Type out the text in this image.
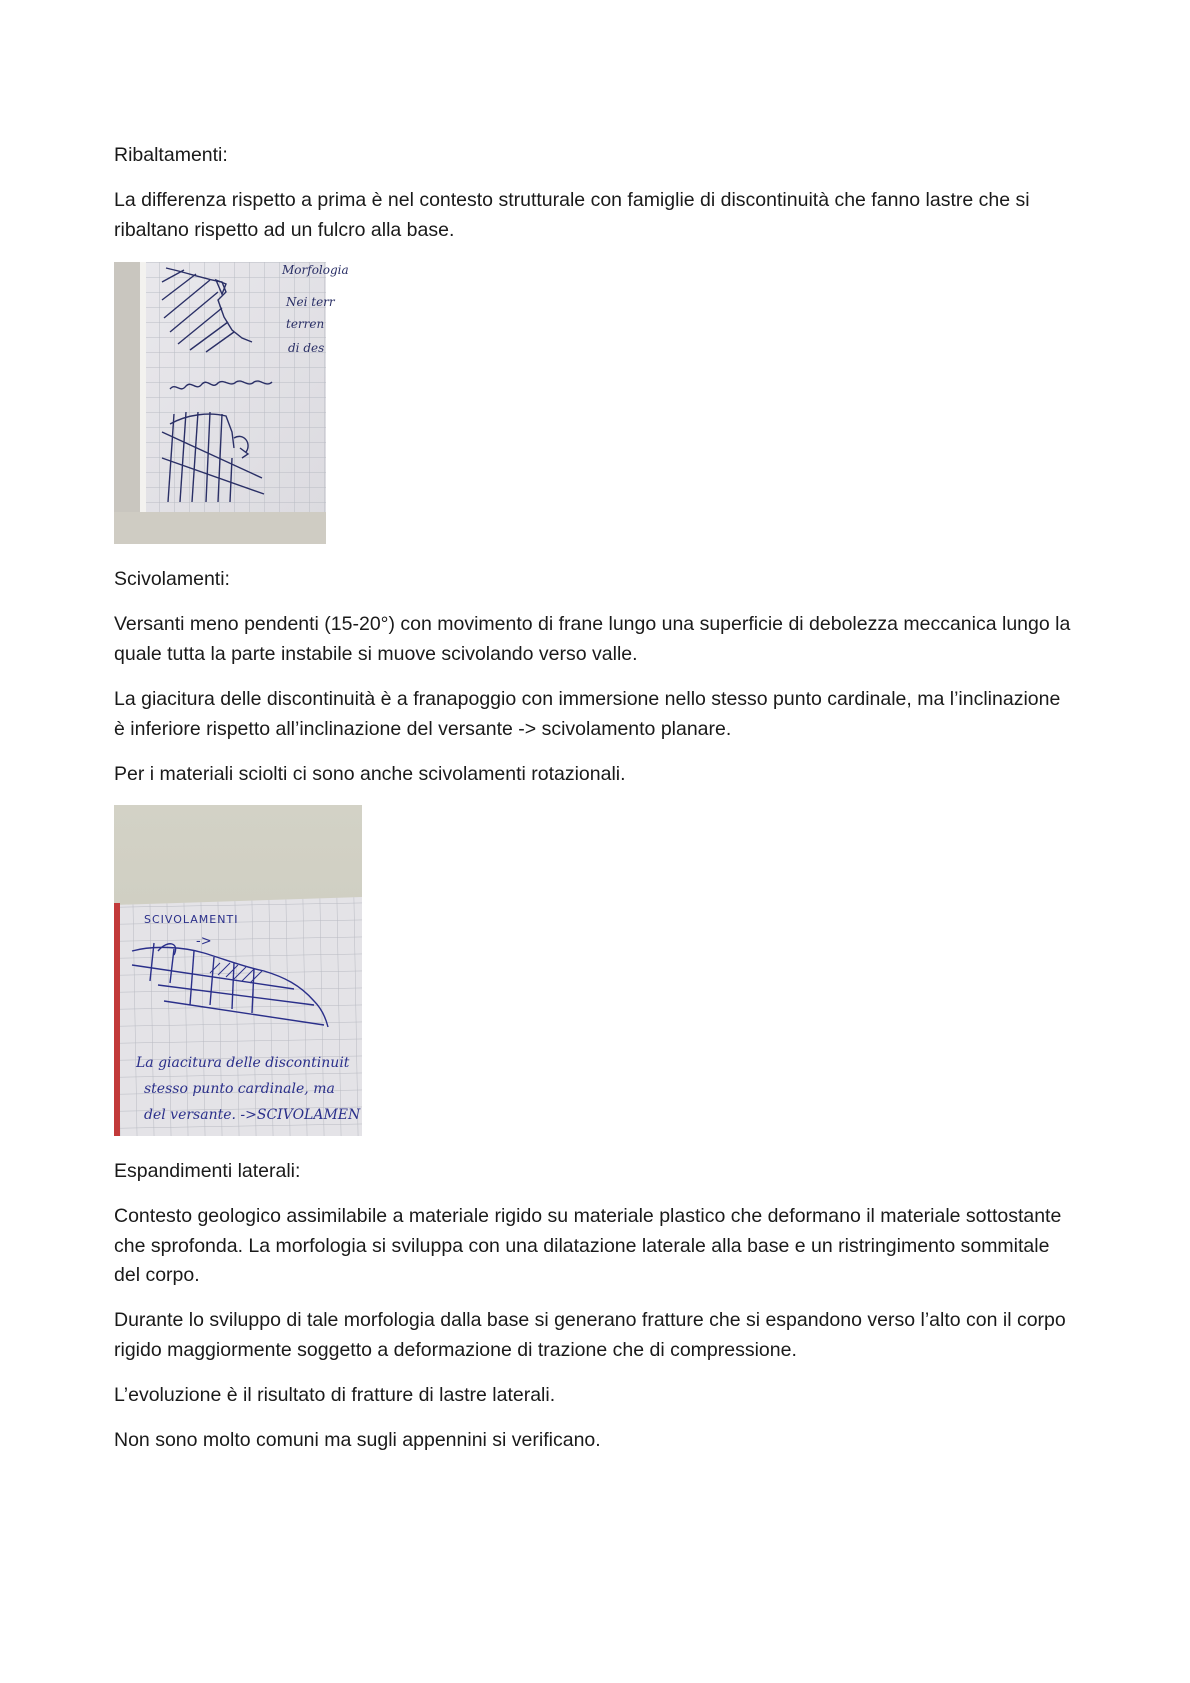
Ribaltamenti:

La differenza rispetto a prima è nel contesto strutturale con famiglie di discontinuità che fanno lastre che si ribaltano rispetto ad un fulcro alla base.

Morfologia
Nei terr
terren
di des

Scivolamenti:

Versanti meno pendenti (15-20°) con movimento di frane lungo una superficie di debolezza meccanica lungo la quale tutta la parte instabile si muove scivolando verso valle.

La giacitura delle discontinuità è a franapoggio con immersione nello stesso punto cardinale, ma l’inclinazione è inferiore rispetto all’inclinazione del versante -> scivolamento planare.

Per i materiali sciolti ci sono anche scivolamenti rotazionali.

SCIVOLAMENTI
->
La giacitura delle discontinuit
stesso punto cardinale, ma
del versante. ->SCIVOLAMEN

Espandimenti laterali:

Contesto geologico assimilabile a materiale rigido su materiale plastico che deformano il materiale sottostante che sprofonda. La morfologia si sviluppa con una dilatazione laterale alla base e un ristringimento sommitale del corpo.

Durante lo sviluppo di tale morfologia dalla base si generano fratture che si espandono verso l’alto con il corpo rigido maggiormente soggetto a deformazione di trazione che di compressione.

L’evoluzione è il risultato di fratture di lastre laterali.

Non sono molto comuni ma sugli appennini si verificano.
